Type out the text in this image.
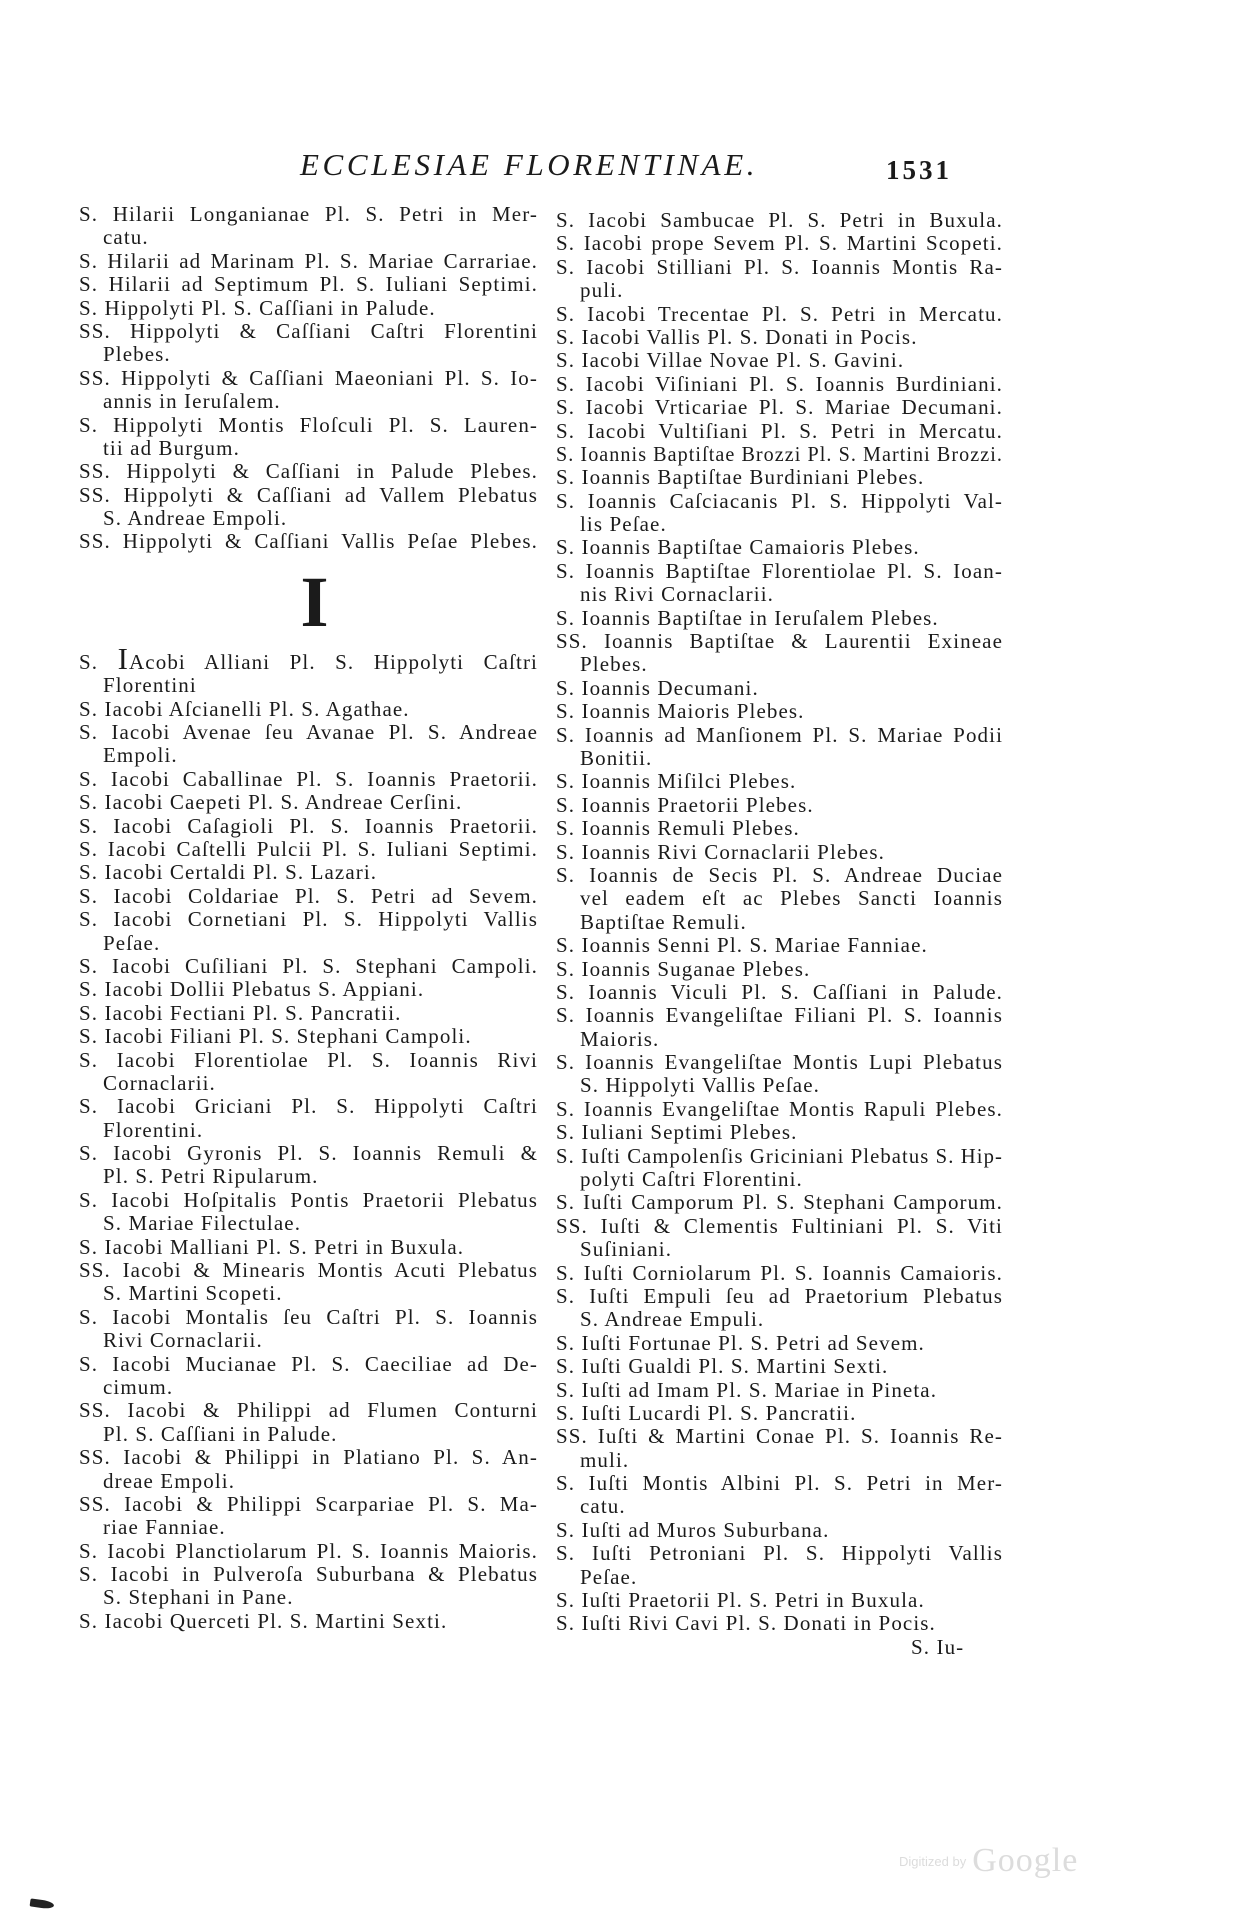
ECCLESIAE FLORENTINAE.	1531
S. Hilarii Longanianae Pl. S. Petri in Mer-
catu.
S. Hilarii ad Marinam Pl. S. Mariae Carrariae.
S. Hilarii ad Septimum Pl. S. Iuliani Septimi.
S. Hippolyti Pl. S. Caſſiani in Palude.
SS. Hippolyti & Caſſiani Caſtri Florentini
Plebes.
SS. Hippolyti & Caſſiani Maeoniani Pl. S. Io-
annis in Ieruſalem.
S. Hippolyti Montis Floſculi Pl. S. Lauren-
tii ad Burgum.
SS. Hippolyti & Caſſiani in Palude Plebes.
SS. Hippolyti & Caſſiani ad Vallem Plebatus
S. Andreae Empoli.
SS. Hippolyti & Caſſiani Vallis Peſae Plebes.
I
S. IAcobi Alliani Pl. S. Hippolyti Caſtri
Florentini
S. Iacobi Aſcianelli Pl. S. Agathae.
S. Iacobi Avenae ſeu Avanae Pl. S. Andreae
Empoli.
S. Iacobi Caballinae Pl. S. Ioannis Praetorii.
S. Iacobi Caepeti Pl. S. Andreae Cerſini.
S. Iacobi Caſagioli Pl. S. Ioannis Praetorii.
S. Iacobi Caſtelli Pulcii Pl. S. Iuliani Septimi.
S. Iacobi Certaldi Pl. S. Lazari.
S. Iacobi Coldariae Pl. S. Petri ad Sevem.
S. Iacobi Cornetiani Pl. S. Hippolyti Vallis
Peſae.
S. Iacobi Cuſiliani Pl. S. Stephani Campoli.
S. Iacobi Dollii Plebatus S. Appiani.
S. Iacobi Fectiani Pl. S. Pancratii.
S. Iacobi Filiani Pl. S. Stephani Campoli.
S. Iacobi Florentiolae Pl. S. Ioannis Rivi
Cornaclarii.
S. Iacobi Griciani Pl. S. Hippolyti Caſtri
Florentini.
S. Iacobi Gyronis Pl. S. Ioannis Remuli &
Pl. S. Petri Ripularum.
S. Iacobi Hoſpitalis Pontis Praetorii Plebatus
S. Mariae Filectulae.
S. Iacobi Malliani Pl. S. Petri in Buxula.
SS. Iacobi & Minearis Montis Acuti Plebatus
S. Martini Scopeti.
S. Iacobi Montalis ſeu Caſtri Pl. S. Ioannis
Rivi Cornaclarii.
S. Iacobi Mucianae Pl. S. Caeciliae ad De-
cimum.
SS. Iacobi & Philippi ad Flumen Conturni
Pl. S. Caſſiani in Palude.
SS. Iacobi & Philippi in Platiano Pl. S. An-
dreae Empoli.
SS. Iacobi & Philippi Scarpariae Pl. S. Ma-
riae Fanniae.
S. Iacobi Planctiolarum Pl. S. Ioannis Maioris.
S. Iacobi in Pulveroſa Suburbana & Plebatus
S. Stephani in Pane.
S. Iacobi Querceti Pl. S. Martini Sexti.
S. Iacobi Sambucae Pl. S. Petri in Buxula.
S. Iacobi prope Sevem Pl. S. Martini Scopeti.
S. Iacobi Stilliani Pl. S. Ioannis Montis Ra-
puli.
S. Iacobi Trecentae Pl. S. Petri in Mercatu.
S. Iacobi Vallis Pl. S. Donati in Pocis.
S. Iacobi Villae Novae Pl. S. Gavini.
S. Iacobi Viſiniani Pl. S. Ioannis Burdiniani.
S. Iacobi Vrticariae Pl. S. Mariae Decumani.
S. Iacobi Vultiſiani Pl. S. Petri in Mercatu.
S. Ioannis Baptiſtae Brozzi Pl. S. Martini Brozzi.
S. Ioannis Baptiſtae Burdiniani Plebes.
S. Ioannis Caſciacanis Pl. S. Hippolyti Val-
lis Peſae.
S. Ioannis Baptiſtae Camaioris Plebes.
S. Ioannis Baptiſtae Florentiolae Pl. S. Ioan-
nis Rivi Cornaclarii.
S. Ioannis Baptiſtae in Ieruſalem Plebes.
SS. Ioannis Baptiſtae & Laurentii Exineae
Plebes.
S. Ioannis Decumani.
S. Ioannis Maioris Plebes.
S. Ioannis ad Manſionem Pl. S. Mariae Podii
Bonitii.
S. Ioannis Miſilci Plebes.
S. Ioannis Praetorii Plebes.
S. Ioannis Remuli Plebes.
S. Ioannis Rivi Cornaclarii Plebes.
S. Ioannis de Secis Pl. S. Andreae Duciae
vel eadem eſt ac Plebes Sancti Ioannis
Baptiſtae Remuli.
S. Ioannis Senni Pl. S. Mariae Fanniae.
S. Ioannis Suganae Plebes.
S. Ioannis Viculi Pl. S. Caſſiani in Palude.
S. Ioannis Evangeliſtae Filiani Pl. S. Ioannis
Maioris.
S. Ioannis Evangeliſtae Montis Lupi Plebatus
S. Hippolyti Vallis Peſae.
S. Ioannis Evangeliſtae Montis Rapuli Plebes.
S. Iuliani Septimi Plebes.
S. Iuſti Campolenſis Griciniani Plebatus S. Hip-
polyti Caſtri Florentini.
S. Iuſti Camporum Pl. S. Stephani Camporum.
SS. Iuſti & Clementis Fultiniani Pl. S. Viti
Suſiniani.
S. Iuſti Corniolarum Pl. S. Ioannis Camaioris.
S. Iuſti Empuli ſeu ad Praetorium Plebatus
S. Andreae Empuli.
S. Iuſti Fortunae Pl. S. Petri ad Sevem.
S. Iuſti Gualdi Pl. S. Martini Sexti.
S. Iuſti ad Imam Pl. S. Mariae in Pineta.
S. Iuſti Lucardi Pl. S. Pancratii.
SS. Iuſti & Martini Conae Pl. S. Ioannis Re-
muli.
S. Iuſti Montis Albini Pl. S. Petri in Mer-
catu.
S. Iuſti ad Muros Suburbana.
S. Iuſti Petroniani Pl. S. Hippolyti Vallis
Peſae.
S. Iuſti Praetorii Pl. S. Petri in Buxula.
S. Iuſti Rivi Cavi Pl. S. Donati in Pocis.
S. Iu-
Digitized by Google
